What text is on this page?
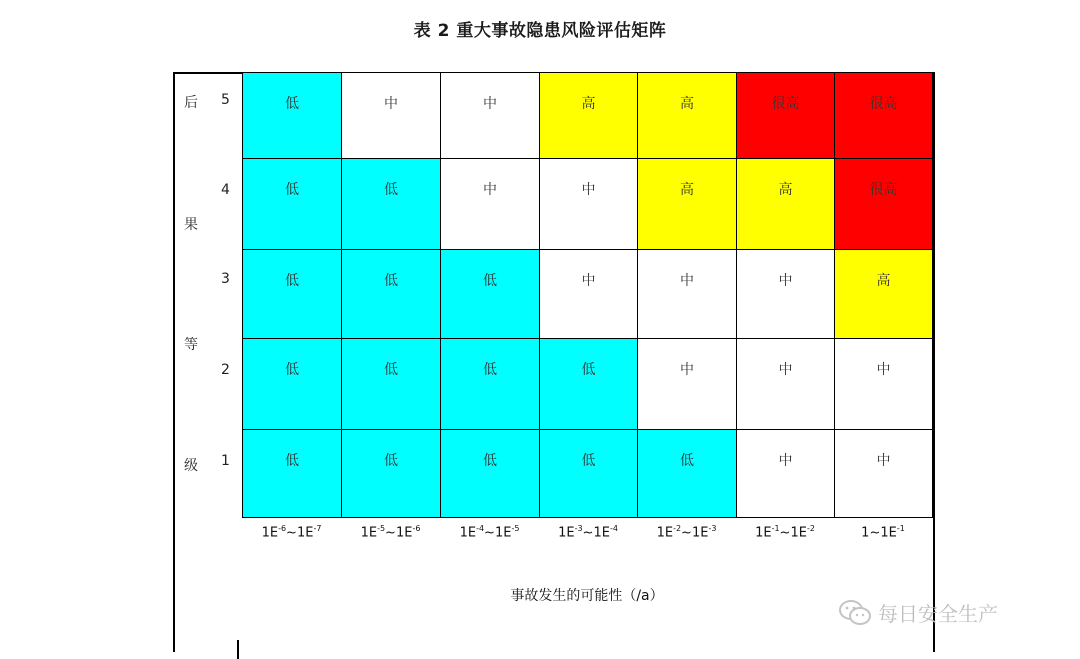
表 2 重大事故隐患风险评估矩阵
后
果
等
级
5
4
3
2
1
低	中	中	高	高	很高	很高
低	低	中	中	高	高	很高
低	低	低	中	中	中	高
低	低	低	低	中	中	中
低	低	低	低	低	中	中
$1E^{-6}\sim 1E^{-7}$	$1E^{-5}\sim 1E^{-6}$	$1E^{-4}\sim 1E^{-5}$	$1E^{-3}\sim 1E^{-4}$	$1E^{-2}\sim 1E^{-3}$	$1E^{-1}\sim 1E^{-2}$	$1\sim 1E^{-1}$
事故发生的可能性（/a）
每日安全生产
